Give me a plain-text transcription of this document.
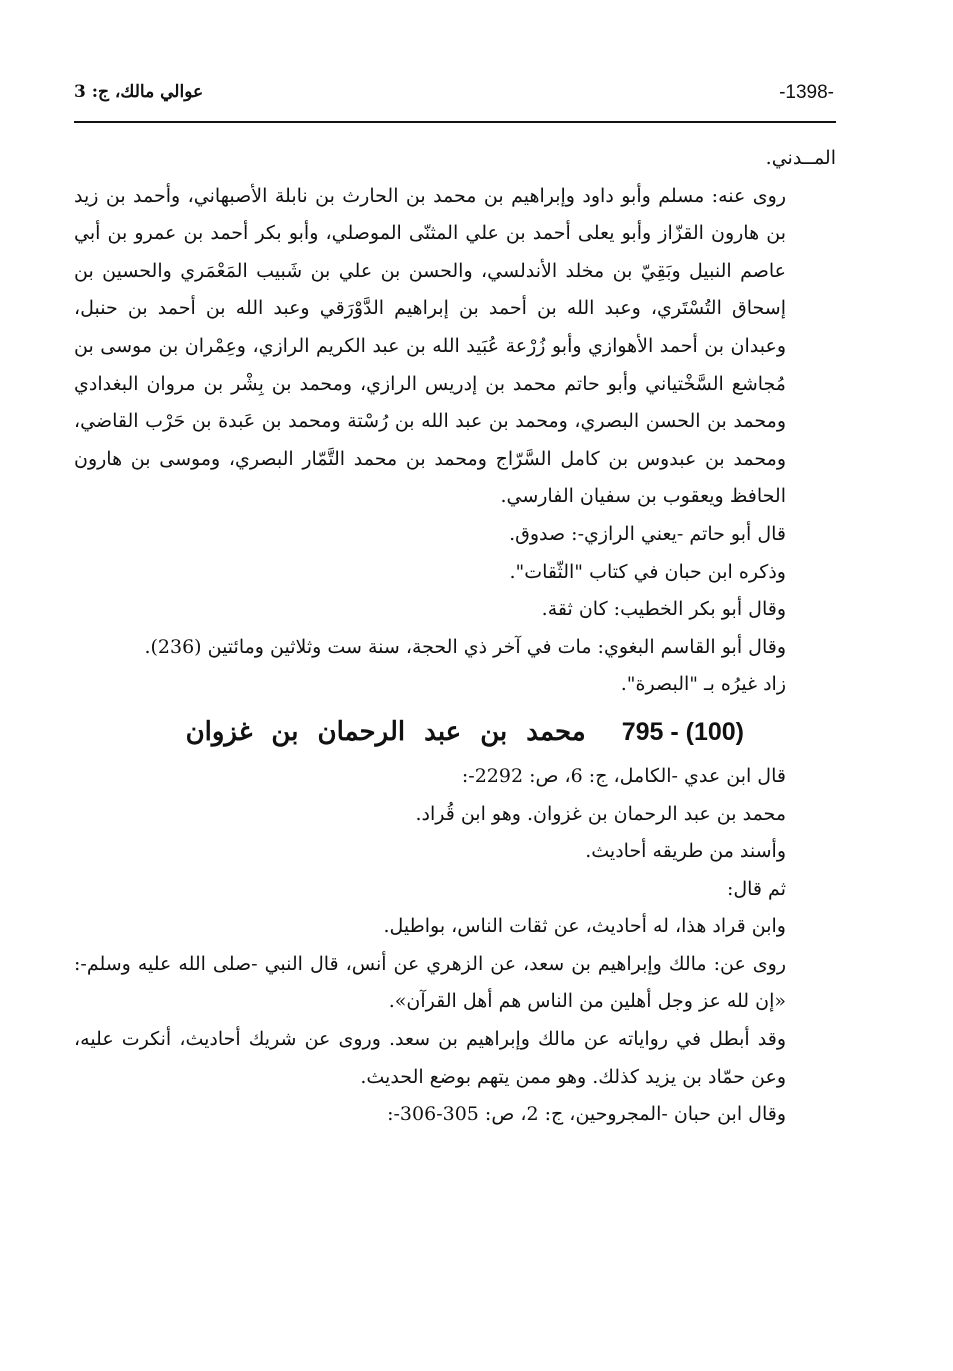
-1398-
عوالي مالك، ج: 3

المــدني.

روى عنه: مسلم وأبو داود وإبراهيم بن محمد بن الحارث بن نابلة الأصبهاني، وأحمد بن زيد بن هارون القزّاز وأبو يعلى أحمد بن علي المثنّى الموصلي، وأبو بكر أحمد بن عمرو بن أبي عاصم النبيل وبَقِيّ بن مخلد الأندلسي، والحسن بن علي بن شَبيب المَعْمَري والحسين بن إسحاق التُسْتَري، وعبد الله بن أحمد بن إبراهيم الدَّوْرَقي وعبد الله بن أحمد بن حنبل، وعبدان بن أحمد الأهوازي وأبو زُرْعة عُبَيد الله بن عبد الكريم الرازي، وعِمْران بن موسى بن مُجاشع السَّخْتياني وأبو حاتم محمد بن إدريس الرازي، ومحمد بن بِشْر بن مروان البغدادي ومحمد بن الحسن البصري، ومحمد بن عبد الله بن رُسْتة ومحمد بن عَبدة بن حَرْب القاضي، ومحمد بن عبدوس بن كامل السَّرّاج ومحمد بن محمد التَّمّار البصري، وموسى بن هارون الحافظ ويعقوب بن سفيان الفارسي.

قال أبو حاتم -يعني الرازي-: صدوق.

وذكره ابن حبان في كتاب "الثّقات".

وقال أبو بكر الخطيب: كان ثقة.

وقال أبو القاسم البغوي: مات في آخر ذي الحجة، سنة ست وثلاثين ومائتين (236).

زاد غيرُه بـ "البصرة".

795 - (100)محمد بن عبد الرحمان بن غزوان

قال ابن عدي -الكامل، ج: 6، ص: 2292-:

محمد بن عبد الرحمان بن غزوان. وهو ابن قُراد.

وأسند من طريقه أحاديث.

ثم قال:

وابن قراد هذا، له أحاديث، عن ثقات الناس، بواطيل.

روى عن: مالك وإبراهيم بن سعد، عن الزهري عن أنس، قال النبي -صلى الله عليه وسلم-: «إن لله عز وجل أهلين من الناس هم أهل القرآن».

وقد أبطل في رواياته عن مالك وإبراهيم بن سعد. وروى عن شريك أحاديث، أنكرت عليه، وعن حمّاد بن يزيد كذلك. وهو ممن يتهم بوضع الحديث.

وقال ابن حبان -المجروحين، ج: 2، ص: 305-306-:
